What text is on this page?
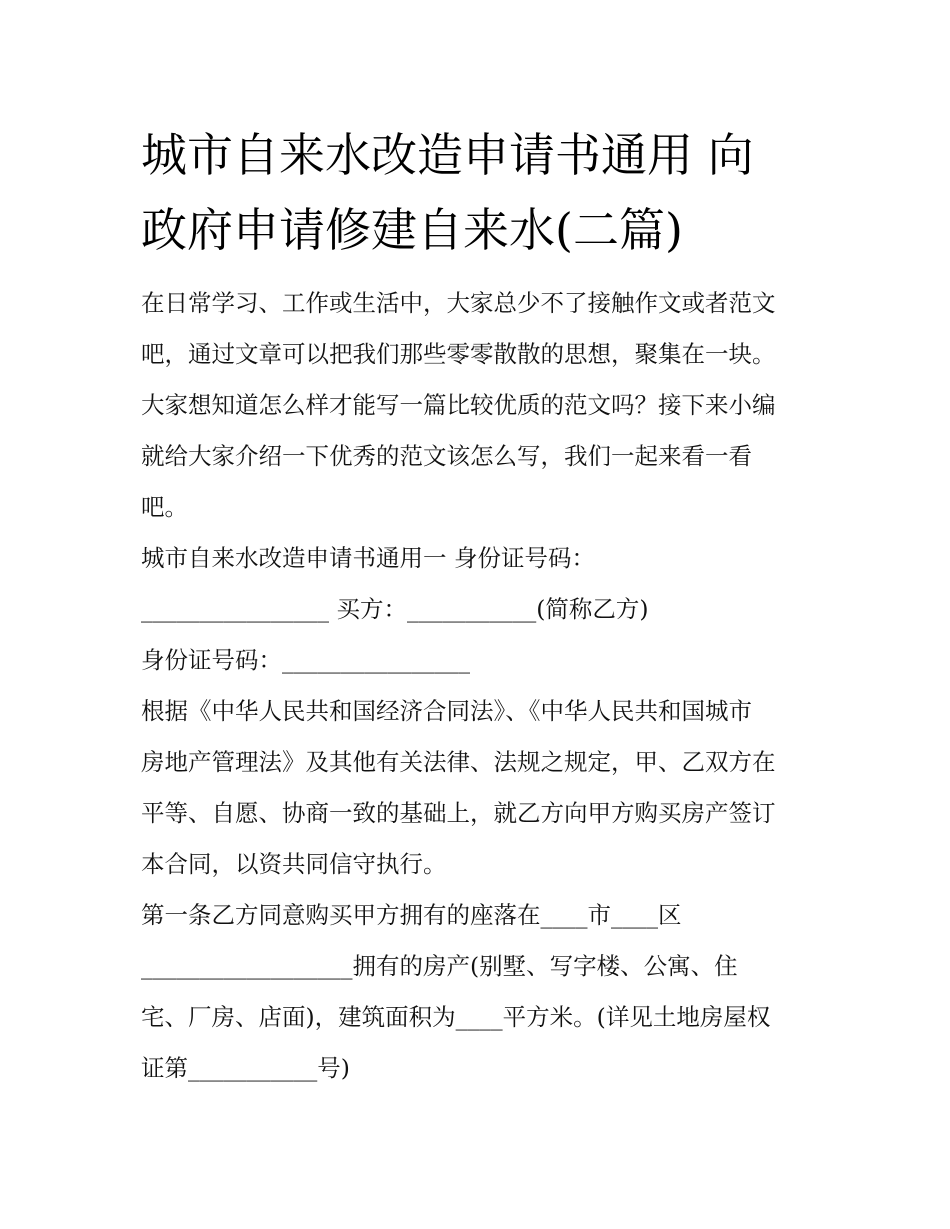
城市自来水改造申请书通用 向
政府申请修建自来水(二篇)
在日常学习、工作或生活中，大家总少不了接触作文或者范文
吧，通过文章可以把我们那些零零散散的思想，聚集在一块。
大家想知道怎么样才能写一篇比较优质的范文吗？接下来小编
就给大家介绍一下优秀的范文该怎么写，我们一起来看一看
吧。
城市自来水改造申请书通用一 身份证号码：
________________ 买方：___________(简称乙方)
身份证号码：________________
根据《中华人民共和国经济合同法》、《中华人民共和国城市
房地产管理法》及其他有关法律、法规之规定，甲、乙双方在
平等、自愿、协商一致的基础上，就乙方向甲方购买房产签订
本合同，以资共同信守执行。
第一条乙方同意购买甲方拥有的座落在____市____区
__________________拥有的房产(别墅、写字楼、公寓、住
宅、厂房、店面)，建筑面积为____平方米。(详见土地房屋权
证第___________号)
